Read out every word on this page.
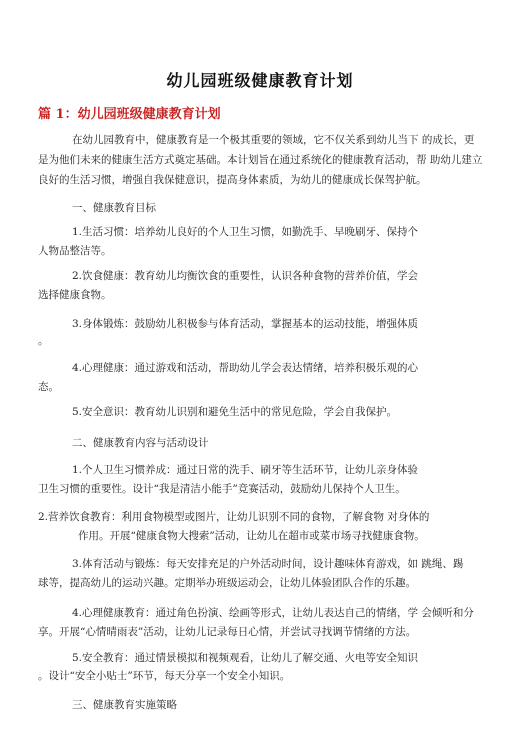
幼儿园班级健康教育计划
篇 1：幼儿园班级健康教育计划
在幼儿园教育中，健康教育是一个极其重要的领域，它不仅关系到幼儿当下 的成长，更
是为他们未来的健康生活方式奠定基础。本计划旨在通过系统化的健康教育活动，帮 助幼儿建立
良好的生活习惯，增强自我保健意识，提高身体素质，为幼儿的健康成长保驾护航。
一、健康教育目标
1.生活习惯：培养幼儿良好的个人卫生习惯，如勤洗手、早晚刷牙、保持个
人物品整洁等。
2.饮食健康：教育幼儿均衡饮食的重要性，认识各种食物的营养价值，学会
选择健康食物。
3.身体锻炼：鼓励幼儿积极参与体育活动，掌握基本的运动技能，增强体质
。
4.心理健康：通过游戏和活动，帮助幼儿学会表达情绪，培养积极乐观的心
态。
5.安全意识：教育幼儿识别和避免生活中的常见危险，学会自我保护。
二、健康教育内容与活动设计
1.个人卫生习惯养成：通过日常的洗手、刷牙等生活环节，让幼儿亲身体验
卫生习惯的重要性。设计“我是清洁小能手”竞赛活动，鼓励幼儿保持个人卫生。
2.营养饮食教育：利用食物模型或图片，让幼儿识别不同的食物，了解食物 对身体的
作用。开展“健康食物大搜索”活动，让幼儿在超市或菜市场寻找健康食物。
3.体育活动与锻炼：每天安排充足的户外活动时间，设计趣味体育游戏，如 跳绳、踢
球等，提高幼儿的运动兴趣。定期举办班级运动会，让幼儿体验团队合作的乐趣。
4.心理健康教育：通过角色扮演、绘画等形式，让幼儿表达自己的情绪，学 会倾听和分
享。开展“心情晴雨表”活动，让幼儿记录每日心情，并尝试寻找调节情绪的方法。
5.安全教育：通过情景模拟和视频观看，让幼儿了解交通、火电等安全知识
。设计“安全小贴士”环节，每天分享一个安全小知识。
三、健康教育实施策略
